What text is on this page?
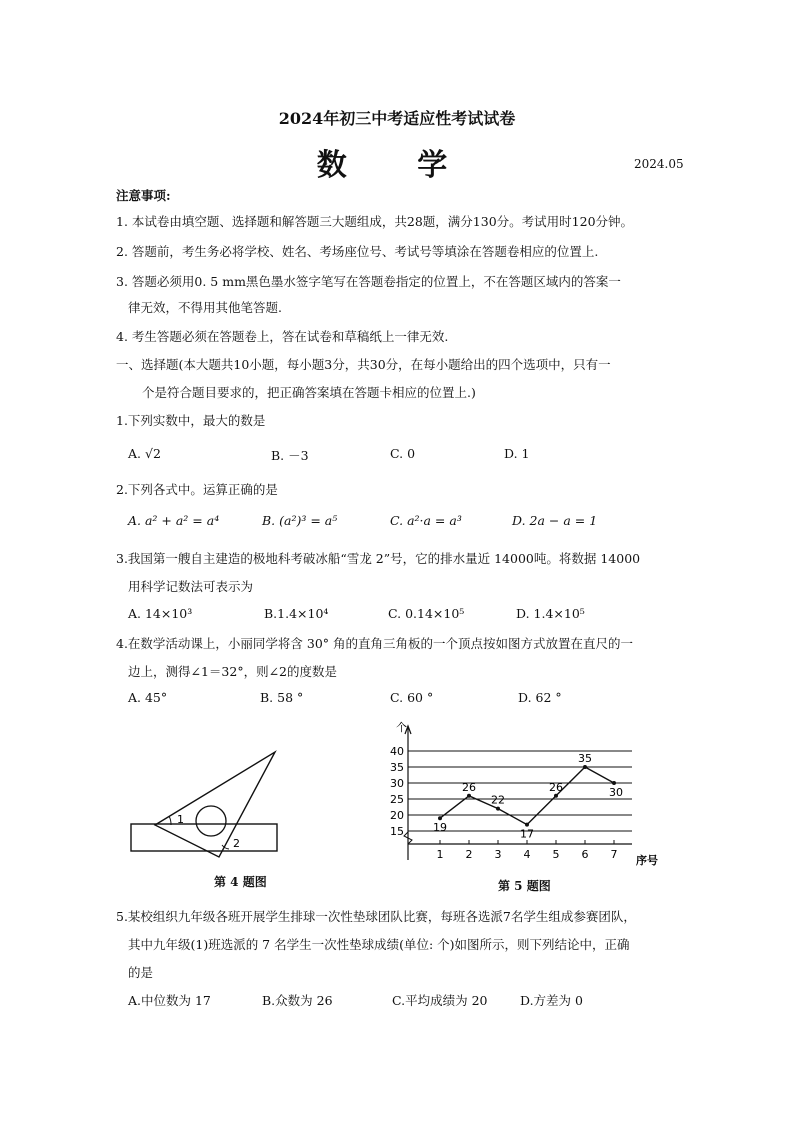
2024年初三中考适应性考试试卷
数 学	2024.05
注意事项:
1. 本试卷由填空题、选择题和解答题三大题组成，共28题，满分130分。考试用时120分钟。
2. 答题前，考生务必将学校、姓名、考场座位号、考试号等填涂在答题卷相应的位置上.
3. 答题必须用0. 5 mm黑色墨水签字笔写在答题卷指定的位置上，不在答题区域内的答案一
律无效，不得用其他笔答题.
4. 考生答题必须在答题卷上，答在试卷和草稿纸上一律无效.
一、选择题(本大题共10小题，每小题3分，共30分，在每小题给出的四个选项中，只有一
个是符合题目要求的，把正确答案填在答题卡相应的位置上.)
1.下列实数中，最大的数是
A. √2	B. －3	C. 0	D. 1
2.下列各式中。运算正确的是
A. a² + a² = a⁴	B. (a²)³ = a⁵	C. a²·a = a³	D. 2a − a = 1
3.我国第一艘自主建造的极地科考破冰船“雪龙 2”号，它的排水量近 14000吨。将数据 14000
用科学记数法可表示为
A. 14×10³	B.1.4×10⁴	C. 0.14×10⁵	D. 1.4×10⁵
4.在数学活动课上，小丽同学将含 30° 角的直角三角板的一个顶点按如图方式放置在直尺的一
边上，测得∠1＝32°，则∠2的度数是
A. 45°	B. 58 °	C. 60 °	D. 62 °
1
2
第 4 题图
个
序号
15
20
25
30
35
40
1 2 3 4 5 6 7
19
26
22
17
26
35
30
第 5 题图
5.某校组织九年级各班开展学生排球一次性垫球团队比赛，每班各选派7名学生组成参赛团队，
其中九年级(1)班选派的 7 名学生一次性垫球成绩(单位: 个)如图所示，则下列结论中，正确
的是
A.中位数为 17	B.众数为 26	C.平均成绩为 20	D.方差为 0
